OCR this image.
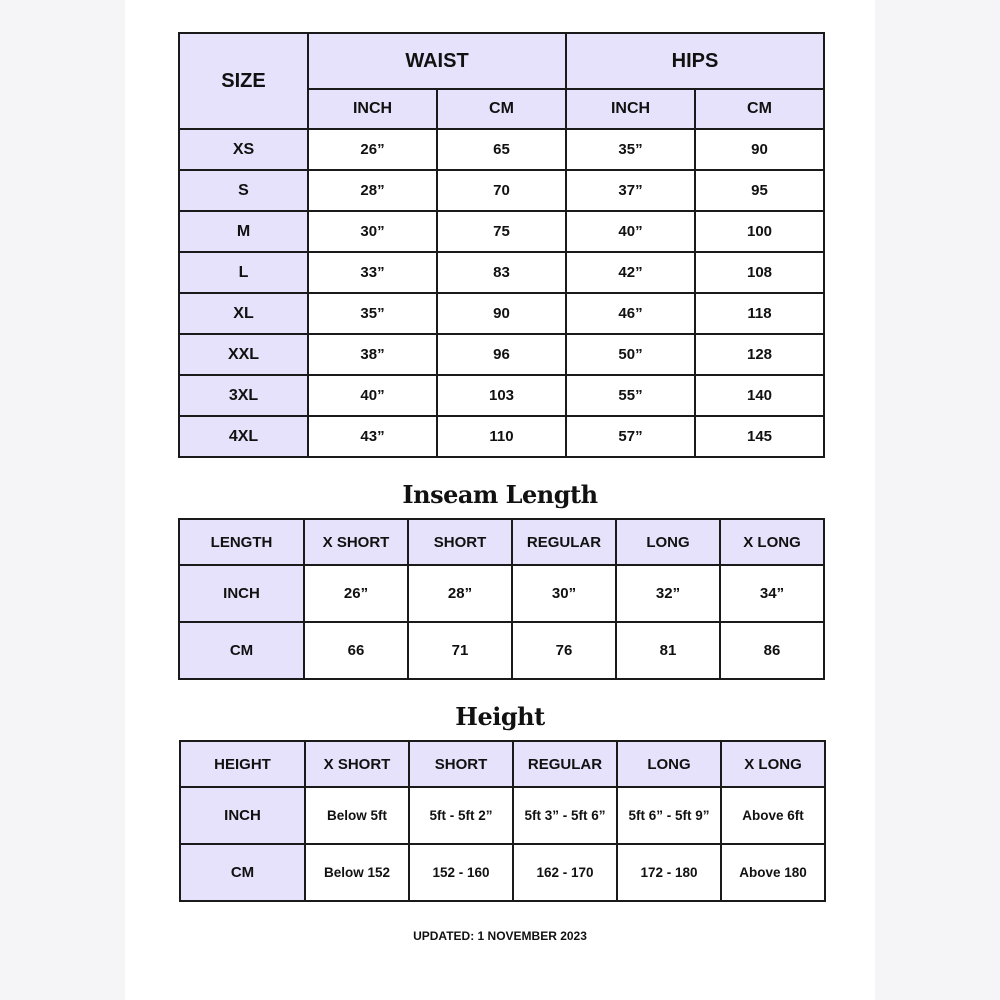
SIZE	WAIST		HIPS	
	INCH	CM	INCH	CM
XS	26”	65	35”	90
S	28”	70	37”	95
M	30”	75	40”	100
L	33”	83	42”	108
XL	35”	90	46”	118
XXL	38”	96	50”	128
3XL	40”	103	55”	140
4XL	43”	110	57”	145
Inseam Length
LENGTH	X SHORT	SHORT	REGULAR	LONG	X LONG
INCH	26”	28”	30”	32”	34”
CM	66	71	76	81	86
Height
HEIGHT	X SHORT	SHORT	REGULAR	LONG	X LONG
INCH	Below 5ft	5ft - 5ft 2”	5ft 3” - 5ft 6”	5ft 6” - 5ft 9”	Above 6ft
CM	Below 152	152 - 160	162 - 170	172 - 180	Above 180
UPDATED: 1 NOVEMBER 2023
